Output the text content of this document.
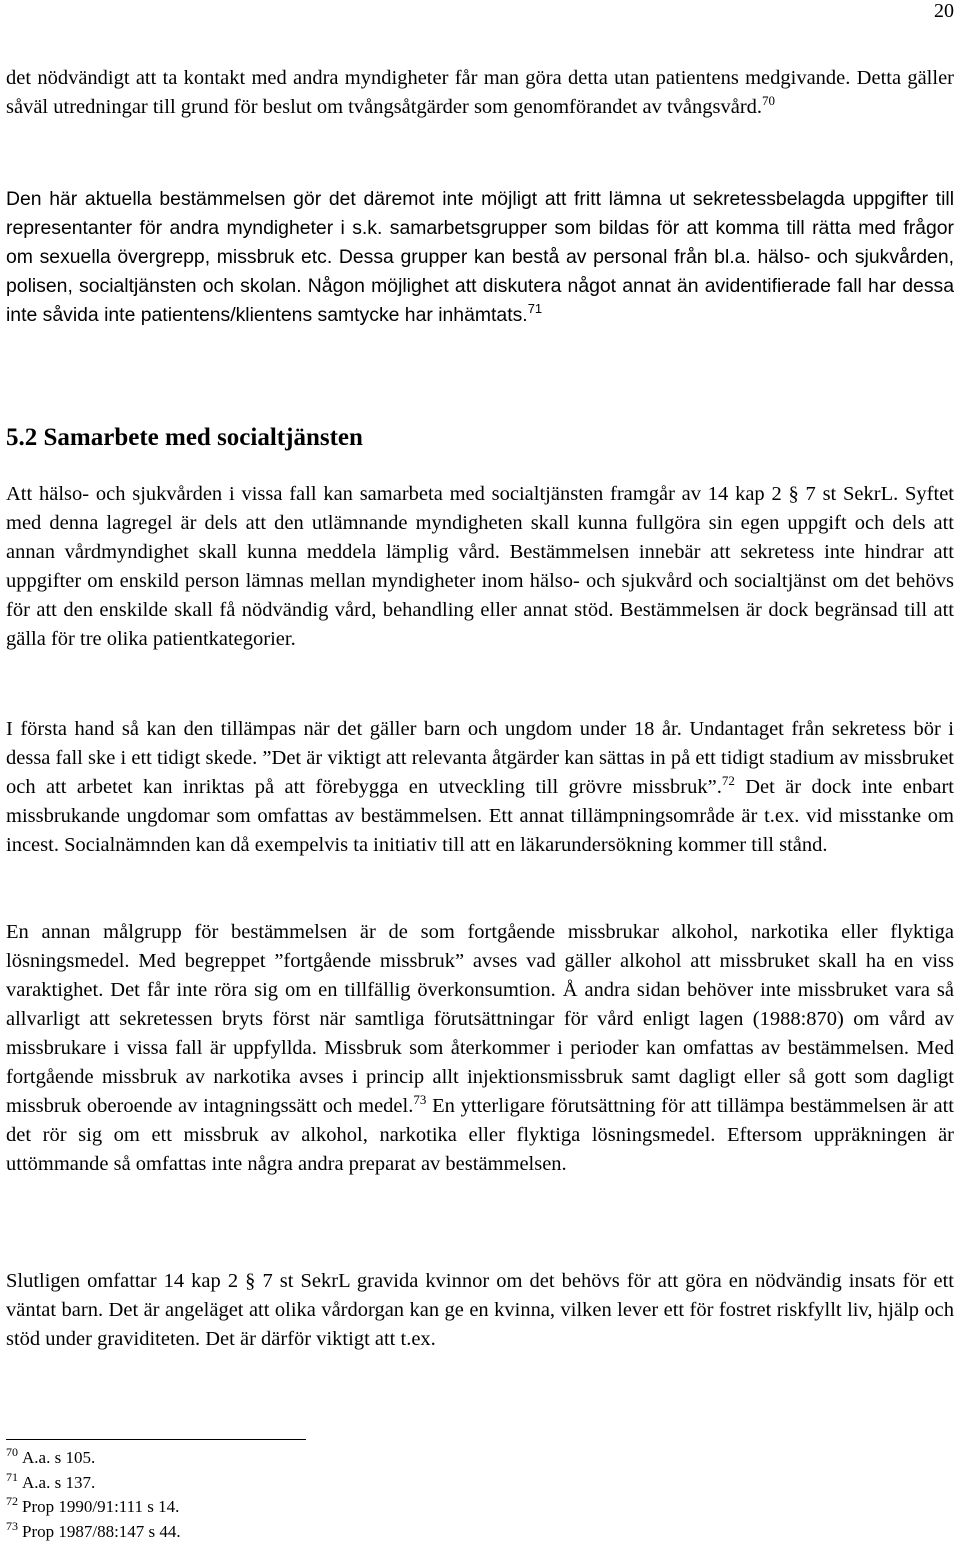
20

det nödvändigt att ta kontakt med andra myndigheter får man göra detta utan patientens medgivande. Detta gäller såväl utredningar till grund för beslut om tvångsåtgärder som genomförandet av tvångsvård.$^{70}$

Den här aktuella bestämmelsen gör det däremot inte möjligt att fritt lämna ut sekretessbelagda uppgifter till representanter för andra myndigheter i s.k. samarbetsgrupper som bildas för att komma till rätta med frågor om sexuella övergrepp, missbruk etc. Dessa grupper kan bestå av personal från bl.a. hälso- och sjukvården, polisen, socialtjänsten och skolan. Någon möjlighet att diskutera något annat än avidentifierade fall har dessa inte såvida inte patientens/klientens samtycke har inhämtats.$^{71}$

5.2 Samarbete med socialtjänsten

Att hälso- och sjukvården i vissa fall kan samarbeta med socialtjänsten framgår av 14 kap 2 § 7 st SekrL. Syftet med denna lagregel är dels att den utlämnande myndigheten skall kunna fullgöra sin egen uppgift och dels att annan vårdmyndighet skall kunna meddela lämplig vård. Bestämmelsen innebär att sekretess inte hindrar att uppgifter om enskild person lämnas mellan myndigheter inom hälso- och sjukvård och socialtjänst om det behövs för att den enskilde skall få nödvändig vård, behandling eller annat stöd. Bestämmelsen är dock begränsad till att gälla för tre olika patientkategorier.

I första hand så kan den tillämpas när det gäller barn och ungdom under 18 år. Undantaget från sekretess bör i dessa fall ske i ett tidigt skede. ”Det är viktigt att relevanta åtgärder kan sättas in på ett tidigt stadium av missbruket och att arbetet kan inriktas på att förebygga en utveckling till grövre missbruk”.$^{72}$ Det är dock inte enbart missbrukande ungdomar som omfattas av bestämmelsen. Ett annat tillämpningsområde är t.ex. vid misstanke om incest. Socialnämnden kan då exempelvis ta initiativ till att en läkarundersökning kommer till stånd.

En annan målgrupp för bestämmelsen är de som fortgående missbrukar alkohol, narkotika eller flyktiga lösningsmedel. Med begreppet ”fortgående missbruk” avses vad gäller alkohol att missbruket skall ha en viss varaktighet. Det får inte röra sig om en tillfällig överkonsumtion. Å andra sidan behöver inte missbruket vara så allvarligt att sekretessen bryts först när samtliga förutsättningar för vård enligt lagen (1988:870) om vård av missbrukare i vissa fall är uppfyllda. Missbruk som återkommer i perioder kan omfattas av bestämmelsen. Med fortgående missbruk av narkotika avses i princip allt injektionsmissbruk samt dagligt eller så gott som dagligt missbruk oberoende av intagningssätt och medel.$^{73}$ En ytterligare förutsättning för att tillämpa bestämmelsen är att det rör sig om ett missbruk av alkohol, narkotika eller flyktiga lösningsmedel. Eftersom uppräkningen är uttömmande så omfattas inte några andra preparat av bestämmelsen.

Slutligen omfattar 14 kap 2 § 7 st SekrL gravida kvinnor om det behövs för att göra en nödvändig insats för ett väntat barn. Det är angeläget att olika vårdorgan kan ge en kvinna, vilken lever ett för fostret riskfyllt liv, hjälp och stöd under graviditeten. Det är därför viktigt att t.ex.

$^{70}$ A.a. s 105.
$^{71}$ A.a. s 137.
$^{72}$ Prop 1990/91:111 s 14.
$^{73}$ Prop 1987/88:147 s 44.
